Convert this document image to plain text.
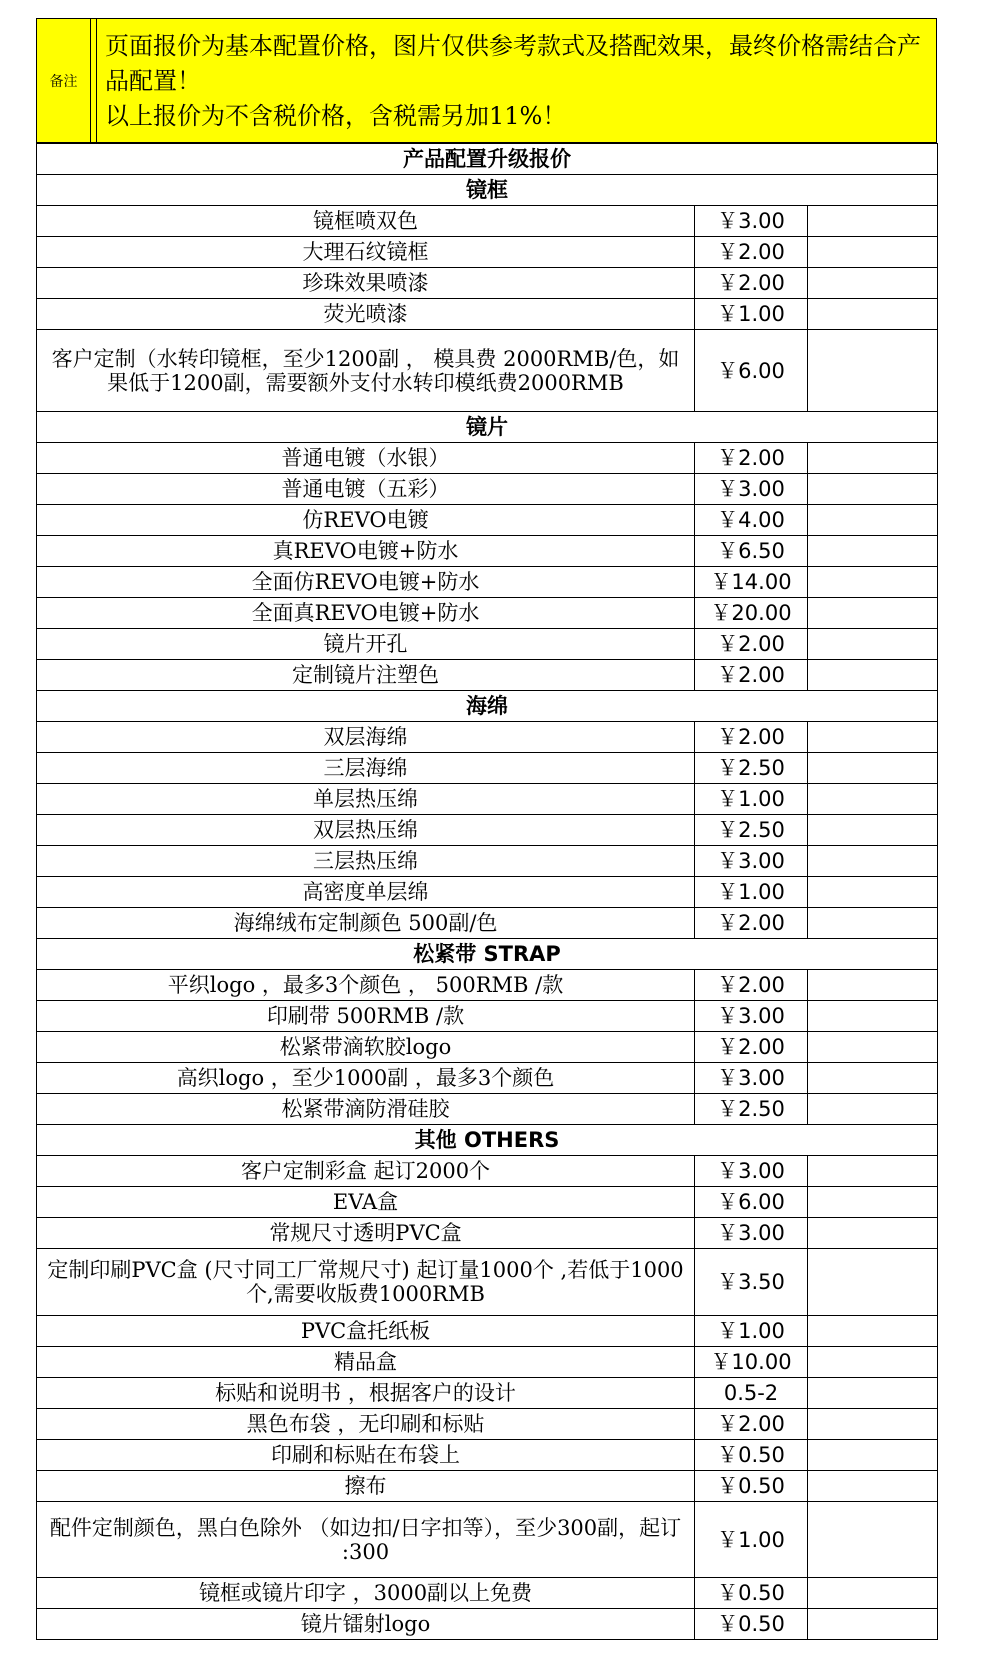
备注
页面报价为基本配置价格，图片仅供参考款式及搭配效果，最终价格需结合产品配置！
以上报价为不含税价格，含税需另加11%！
产品配置升级报价		
镜框		
镜框喷双色	￥3.00	
大理石纹镜框	￥2.00	
珍珠效果喷漆	￥2.00	
荧光喷漆	￥1.00	
客户定制（水转印镜框，至少1200副 ， 模具费 2000RMB/色，如果低于1200副，需要额外支付水转印模纸费2000RMB	￥6.00	
镜片		
普通电镀（水银）	￥2.00	
普通电镀（五彩）	￥3.00	
仿REVO电镀	￥4.00	
真REVO电镀+防水	￥6.50	
全面仿REVO电镀+防水	￥14.00	
全面真REVO电镀+防水	￥20.00	
镜片开孔	￥2.00	
定制镜片注塑色	￥2.00	
海绵		
双层海绵	￥2.00	
三层海绵	￥2.50	
单层热压绵	￥1.00	
双层热压绵	￥2.50	
三层热压绵	￥3.00	
高密度单层绵	￥1.00	
海绵绒布定制颜色 500副/色	￥2.00	
松紧带 STRAP		
平织logo ，最多3个颜色 ， 500RMB /款	￥2.00	
印刷带 500RMB /款	￥3.00	
松紧带滴软胶logo	￥2.00	
高织logo ，至少1000副 ，最多3个颜色	￥3.00	
松紧带滴防滑硅胶	￥2.50	
其他 OTHERS		
客户定制彩盒 起订2000个	￥3.00	
EVA盒	￥6.00	
常规尺寸透明PVC盒	￥3.00	
定制印刷PVC盒 (尺寸同工厂常规尺寸) 起订量1000个 ,若低于1000个,需要收版费1000RMB	￥3.50	
PVC盒托纸板	￥1.00	
精品盒	￥10.00	
标贴和说明书 ，根据客户的设计	0.5-2	
黑色布袋 ，无印刷和标贴	￥2.00	
印刷和标贴在布袋上	￥0.50	
擦布	￥0.50	
配件定制颜色，黑白色除外 （如边扣/日字扣等），至少300副，起订 :300	￥1.00	
镜框或镜片印字 ，3000副以上免费	￥0.50	
镜片镭射logo	￥0.50	
